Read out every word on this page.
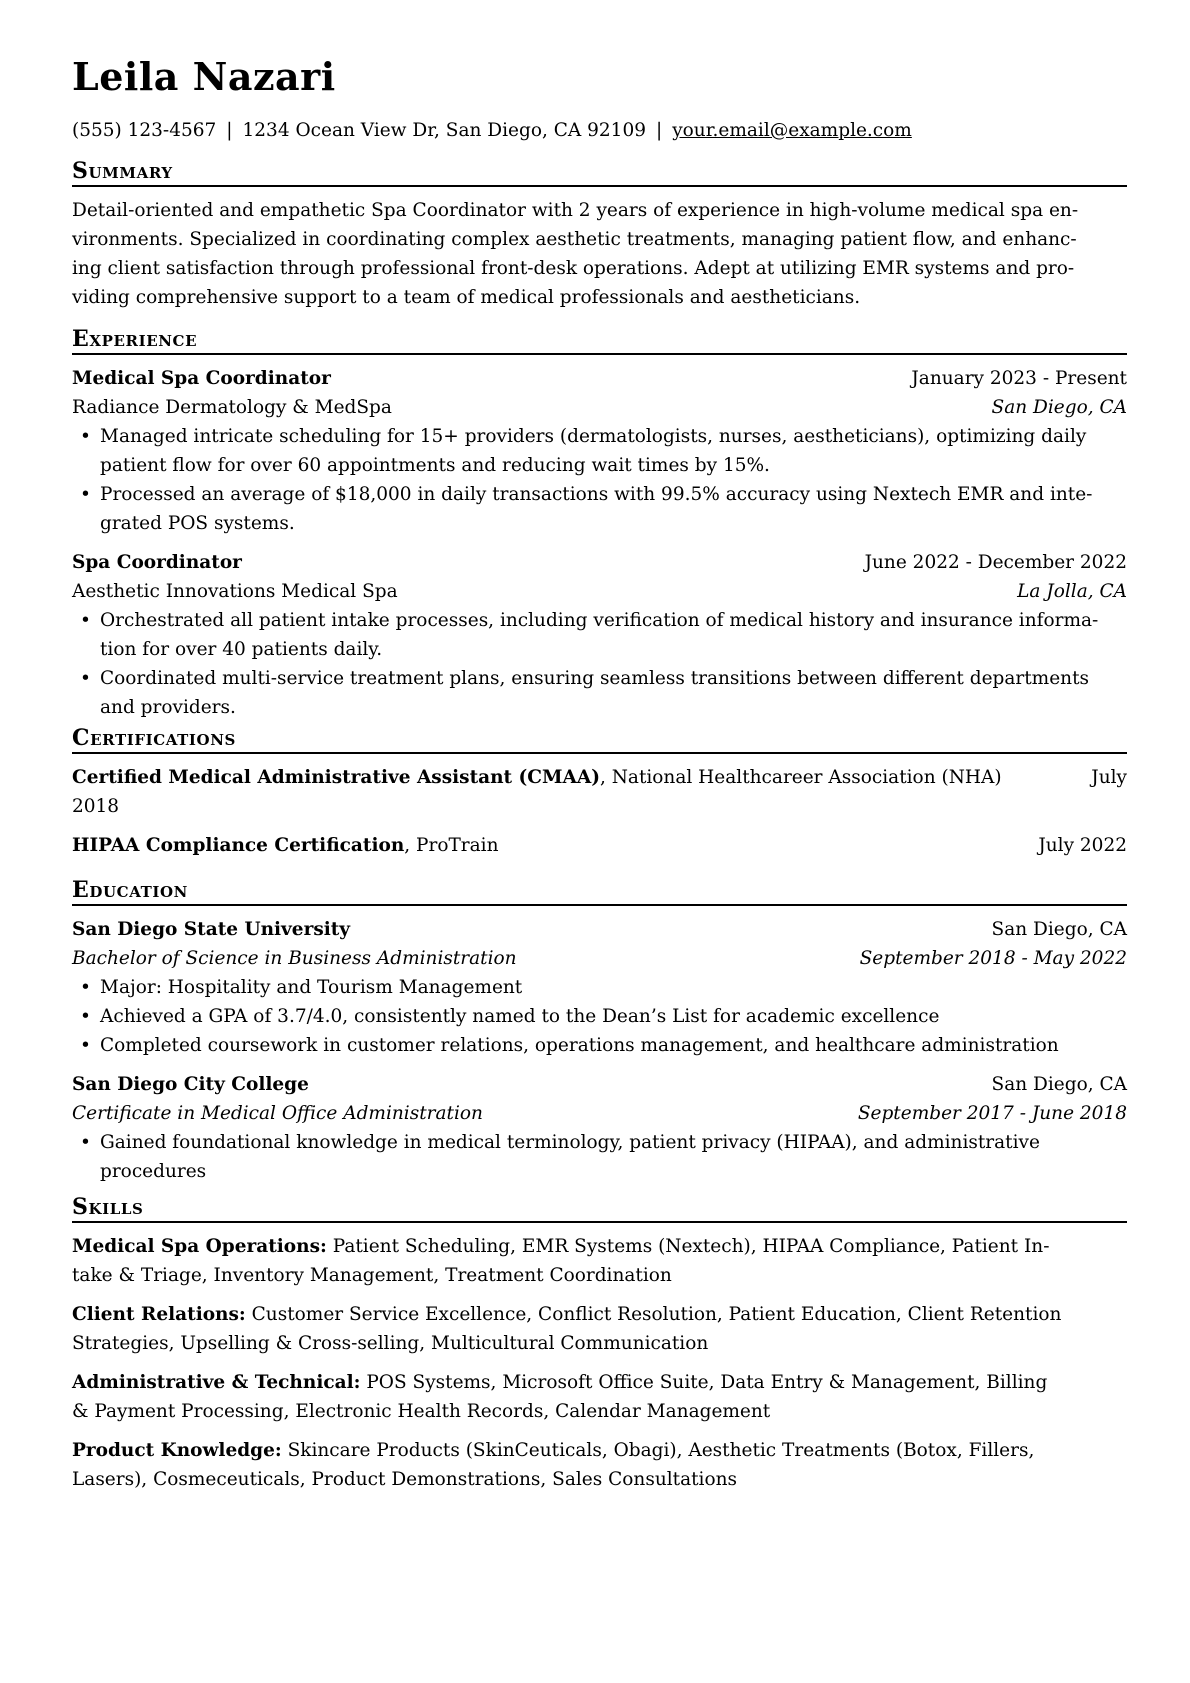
Leila Nazari
(555) 123-4567 | 1234 Ocean View Dr, San Diego, CA 92109 | your.email@example.com
Summary
Detail-oriented and empathetic Spa Coordinator with 2 years of experience in high-volume medical spa en-
vironments. Specialized in coordinating complex aesthetic treatments, managing patient flow, and enhanc-
ing client satisfaction through professional front-desk operations. Adept at utilizing EMR systems and pro-
viding comprehensive support to a team of medical professionals and aestheticians.
Experience
Medical Spa Coordinator	January 2023 - Present
Radiance Dermatology & MedSpa	San Diego, CA
• Managed intricate scheduling for 15+ providers (dermatologists, nurses, aestheticians), optimizing daily
patient flow for over 60 appointments and reducing wait times by 15%.
• Processed an average of $18,000 in daily transactions with 99.5% accuracy using Nextech EMR and inte-
grated POS systems.
Spa Coordinator	June 2022 - December 2022
Aesthetic Innovations Medical Spa	La Jolla, CA
• Orchestrated all patient intake processes, including verification of medical history and insurance informa-
tion for over 40 patients daily.
• Coordinated multi-service treatment plans, ensuring seamless transitions between different departments
and providers.
Certifications
Certified Medical Administrative Assistant (CMAA), National Healthcareer Association (NHA)	July
2018
HIPAA Compliance Certification, ProTrain	July 2022
Education
San Diego State University	San Diego, CA
Bachelor of Science in Business Administration	September 2018 - May 2022
• Major: Hospitality and Tourism Management
• Achieved a GPA of 3.7/4.0, consistently named to the Dean’s List for academic excellence
• Completed coursework in customer relations, operations management, and healthcare administration
San Diego City College	San Diego, CA
Certificate in Medical Office Administration	September 2017 - June 2018
• Gained foundational knowledge in medical terminology, patient privacy (HIPAA), and administrative
procedures
Skills
Medical Spa Operations: Patient Scheduling, EMR Systems (Nextech), HIPAA Compliance, Patient In-
take & Triage, Inventory Management, Treatment Coordination
Client Relations: Customer Service Excellence, Conflict Resolution, Patient Education, Client Retention
Strategies, Upselling & Cross-selling, Multicultural Communication
Administrative & Technical: POS Systems, Microsoft Office Suite, Data Entry & Management, Billing
& Payment Processing, Electronic Health Records, Calendar Management
Product Knowledge: Skincare Products (SkinCeuticals, Obagi), Aesthetic Treatments (Botox, Fillers,
Lasers), Cosmeceuticals, Product Demonstrations, Sales Consultations
